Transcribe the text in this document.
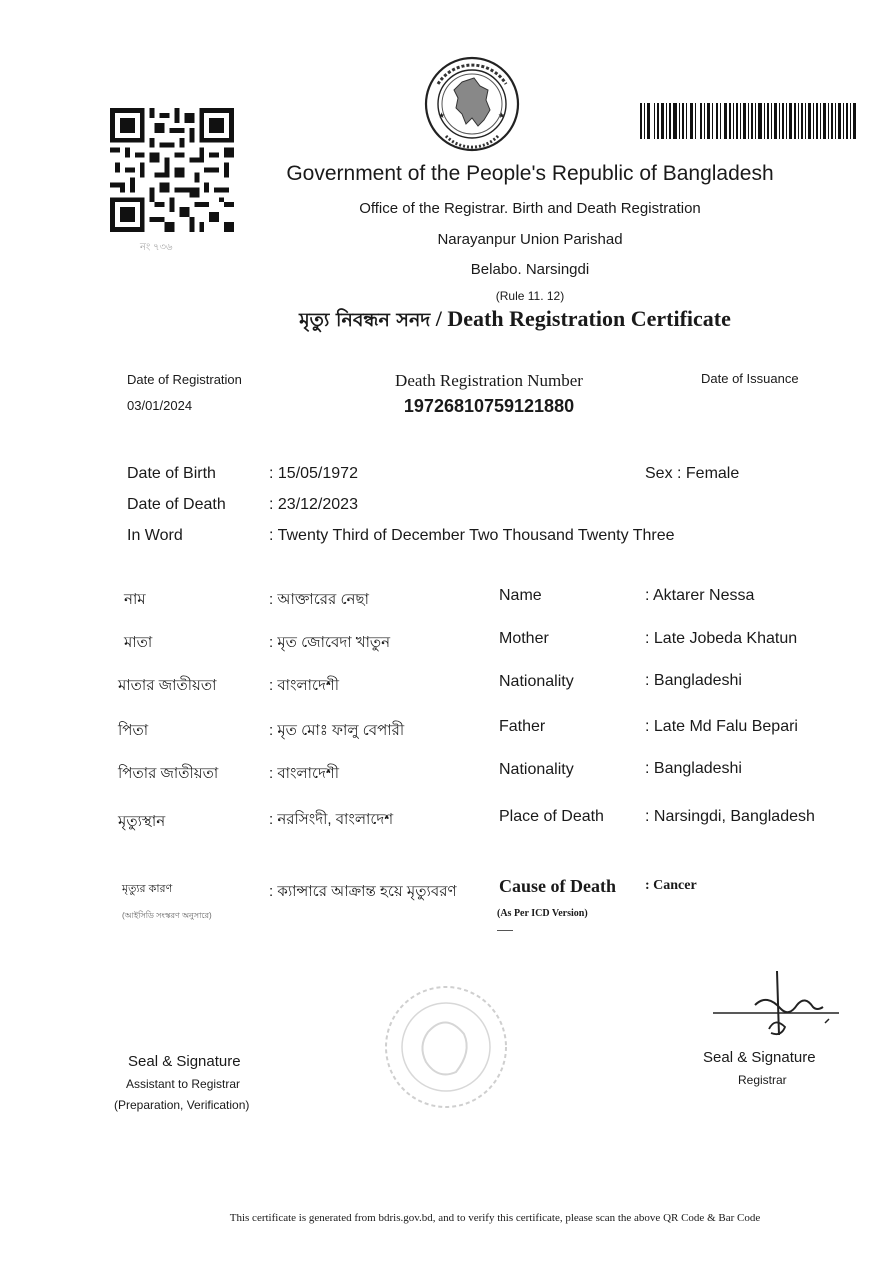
নং ৭৩৬
★	★
Government of the People's Republic of Bangladesh
Office of the Registrar. Birth and Death Registration
Narayanpur Union Parishad
Belabo. Narsingdi
(Rule 11. 12)
মৃত্যু নিবন্ধন সনদ / Death Registration Certificate
Date of Registration
03/01/2024
Death Registration Number
19726810759121880
Date of Issuance
Date of Birth	: 15/05/1972	Sex : Female
Date of Death	: 23/12/2023
In Word	: Twenty Third of December Two Thousand Twenty Three
নাম	: আক্তারের নেছা	Name	: Aktarer Nessa
মাতা	: মৃত জোবেদা খাতুন	Mother	: Late Jobeda Khatun
মাতার জাতীয়তা	: বাংলাদেশী	Nationality	: Bangladeshi
পিতা	: মৃত মোঃ ফালু বেপারী	Father	: Late Md Falu Bepari
পিতার জাতীয়তা	: বাংলাদেশী	Nationality	: Bangladeshi
মৃত্যুস্থান	: নরসিংদী, বাংলাদেশ	Place of Death	: Narsingdi, Bangladesh
মৃত্যুর কারণ
(আইসিডি সংস্করণ অনুসারে)
: ক্যান্সারে আক্রান্ত হয়ে মৃত্যুবরণ Cause of Death : Cancer
(As Per ICD Version)
Seal & Signature
Assistant to Registrar
(Preparation, Verification)
Seal & Signature
Registrar
This certificate is generated from bdris.gov.bd, and to verify this certificate, please scan the above QR Code & Bar Code
